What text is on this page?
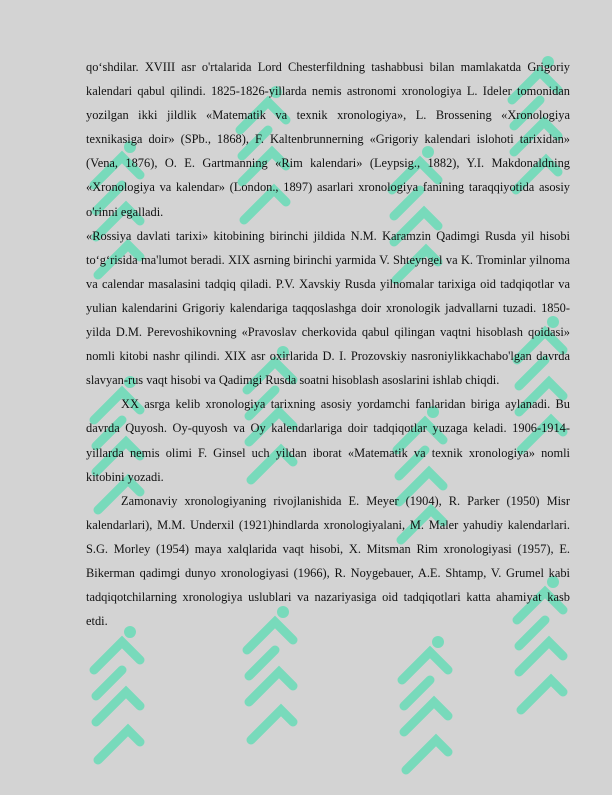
qo‘shdilar. XVIII asr o'rtalarida Lord Chesterfildning tashabbusi bilan mamlakatda Grigoriy kalendari qabul qilindi. 1825-1826-yillarda nemis astronomi xronologiya L. Ideler tomonidan yozilgan ikki jildlik «Matematik va texnik xronologiya», L. Brossening «Xronologiya texnikasiga doir» (SPb., 1868), F. Kaltenbrunnerning «Grigoriy kalendari islohoti tarixidan» (Vena, 1876), O. E. Gartmanning «Rim kalendari» (Leypsig., 1882), Y.I. Makdonaldning «Xronologiya va kalendar» (London., 1897) asarlari xronologiya fanining taraqqiyotida asosiy o'rinni egalladi.

«Rossiya davlati tarixi» kitobining birinchi jildida N.M. Karamzin Qadimgi Rusda yil hisobi to‘g‘risida ma'lumot beradi. XIX asrning birinchi yarmida V. Shteyngel va K. Trominlar yilnoma va calendar masalasini tadqiq qiladi. P.V. Xavskiy Rusda yilnomalar tarixiga oid tadqiqotlar va yulian kalendarini Grigoriy kalendariga taqqoslashga doir xronologik jadvallarni tuzadi. 1850-yilda D.M. Perevoshikovning «Pravoslav cherkovida qabul qilingan vaqtni hisoblash qoidasi» nomli kitobi nashr qilindi. XIX asr oxirlarida D. I. Prozovskiy nasroniylikkachabo'lgan davrda slavyan-rus vaqt hisobi va Qadimgi Rusda soatni hisoblash asoslarini ishlab chiqdi.

XX asrga kelib xronologiya tarixning asosiy yordamchi fanlaridan biriga aylanadi. Bu davrda Quyosh. Oy-quyosh va Oy kalendarlariga doir tadqiqotlar yuzaga keladi. 1906-1914-yillarda nemis olimi F. Ginsel uch yildan iborat «Matematik va texnik xronologiya» nomli kitobini yozadi.

Zamonaviy xronologiyaning rivojlanishida E. Meyer (1904), R. Parker (1950) Misr kalendarlari), M.M. Underxil (1921)hindlarda xronologiyalani, M. Maler yahudiy kalendarlari. S.G. Morley (1954) maya xalqlarida vaqt hisobi, X. Mitsman Rim xronologiyasi (1957), E. Bikerman qadimgi dunyo xronologiyasi (1966), R. Noygebauer, A.E. Shtamp, V. Grumel kabi tadqiqotchilarning xronologiya uslublari va nazariyasiga oid tadqiqotlari katta ahamiyat kasb etdi.
